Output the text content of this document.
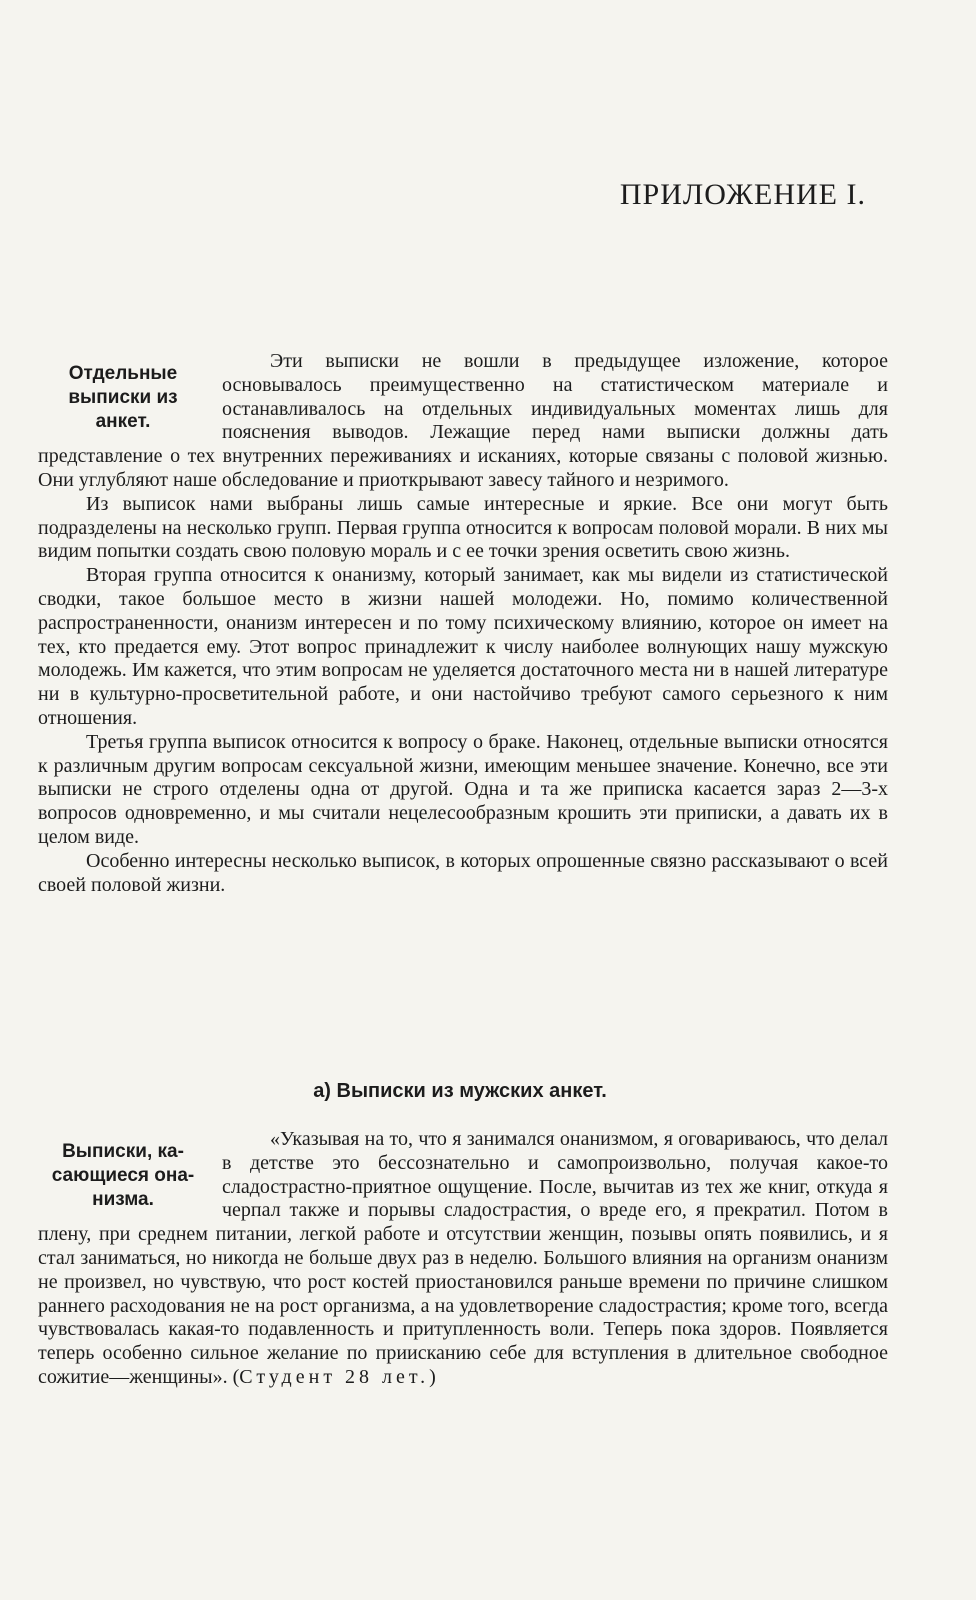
ПРИЛОЖЕНИЕ I.
Отдельные
выписки из
анкет.

Эти выписки не вошли в предыдущее изложение, которое основывалось преимущественно на статистическом материале и останавливалось на отдельных индивидуальных моментах лишь для пояснения выводов. Лежащие перед нами выписки должны дать представление о тех внутренних переживаниях и исканиях, которые связаны с половой жизнью. Они углубляют наше обследование и приоткрывают завесу тайного и незримого.

Из выписок нами выбраны лишь самые интересные и яркие. Все они могут быть подразделены на несколько групп. Первая группа относится к вопросам половой морали. В них мы видим попытки создать свою половую мораль и с ее точки зрения осветить свою жизнь.

Вторая группа относится к онанизму, который занимает, как мы видели из статистической сводки, такое большое место в жизни нашей молодежи. Но, помимо количественной распространенности, онанизм интересен и по тому психическому влиянию, которое он имеет на тех, кто предается ему. Этот вопрос принадлежит к числу наиболее волнующих нашу мужскую молодежь. Им кажется, что этим вопросам не уделяется достаточного места ни в нашей литературе ни в культурно-просветительной работе, и они настойчиво требуют самого серьезного к ним отношения.

Третья группа выписок относится к вопросу о браке. Наконец, отдельные выписки относятся к различным другим вопросам сексуальной жизни, имеющим меньшее значение. Конечно, все эти выписки не строго отделены одна от другой. Одна и та же приписка касается зараз 2—3-х вопросов одновременно, и мы считали нецелесообразным крошить эти приписки, а давать их в целом виде.

Особенно интересны несколько выписок, в которых опрошенные связно рассказывают о всей своей половой жизни.

а) Выписки из мужских анкет.
Выписки, ка-
сающиеся она-
низма.

«Указывая на то, что я занимался онанизмом, я оговариваюсь, что делал в детстве это бессознательно и самопроизвольно, получая какое-то сладострастно-приятное ощущение. После, вычитав из тех же книг, откуда я черпал также и порывы сладострастия, о вреде его, я прекратил. Потом в плену, при среднем питании, легкой работе и отсутствии женщин, позывы опять появились, и я стал заниматься, но никогда не больше двух раз в неделю. Большого влияния на организм онанизм не произвел, но чувствую, что рост костей приостановился раньше времени по причине слишком раннего расходования не на рост организма, а на удовлетворение сладострастия; кроме того, всегда чувствовалась какая-то подавленность и притупленность воли. Теперь пока здоров. Появляется теперь особенно сильное желание по приисканию себе для вступления в длительное свободное сожитие—женщины». (Студент 28 лет.)
